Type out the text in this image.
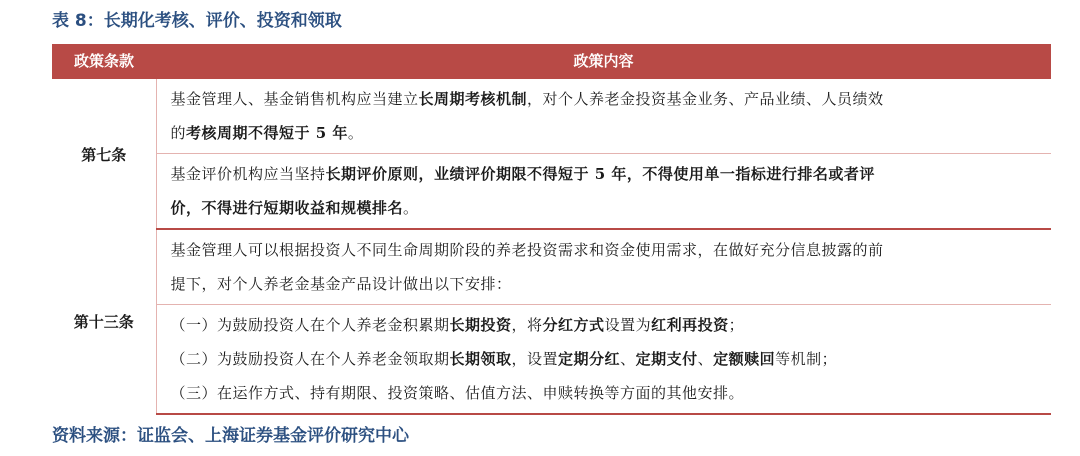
表 8：长期化考核、评价、投资和领取
政策条款	政策内容
第七条	基金管理人、基金销售机构应当建立长周期考核机制，对个人养老金投资基金业务、产品业绩、人员绩效
的考核周期不得短于 5 年。

	基金评价机构应当坚持长期评价原则，业绩评价期限不得短于 5 年，不得使用单一指标进行排名或者评
价，不得进行短期收益和规模排名。

第十三条	基金管理人可以根据投资人不同生命周期阶段的养老投资需求和资金使用需求，在做好充分信息披露的前
提下，对个人养老金基金产品设计做出以下安排：

	（一）为鼓励投资人在个人养老金积累期长期投资，将分红方式设置为红利再投资；
（二）为鼓励投资人在个人养老金领取期长期领取，设置定期分红、定期支付、定额赎回等机制；
（三）在运作方式、持有期限、投资策略、估值方法、申赎转换等方面的其他安排。
资料来源：证监会、上海证券基金评价研究中心
